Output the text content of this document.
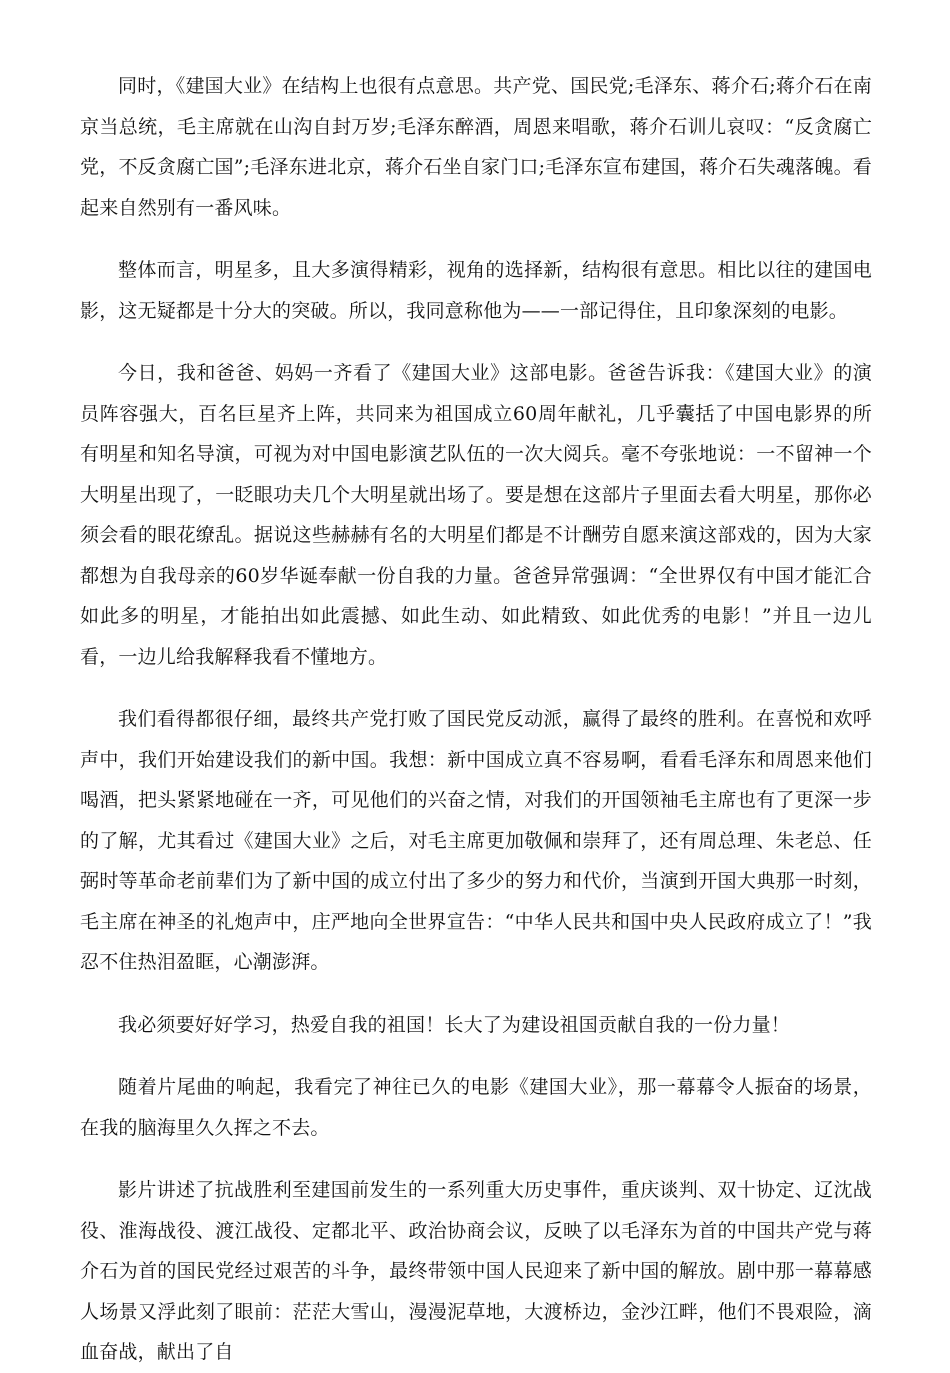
同时，《建国大业》在结构上也很有点意思。共产党、国民党;毛泽东、蒋介石;蒋介石在南京当总统，毛主席就在山沟自封万岁;毛泽东醉酒，周恩来唱歌，蒋介石训儿哀叹：“反贪腐亡党，不反贪腐亡国”;毛泽东进北京，蒋介石坐自家门口;毛泽东宣布建国，蒋介石失魂落魄。看起来自然别有一番风味。

整体而言，明星多，且大多演得精彩，视角的选择新，结构很有意思。相比以往的建国电影，这无疑都是十分大的突破。所以，我同意称他为——一部记得住，且印象深刻的电影。

今日，我和爸爸、妈妈一齐看了《建国大业》这部电影。爸爸告诉我：《建国大业》的演员阵容强大，百名巨星齐上阵，共同来为祖国成立60周年献礼，几乎囊括了中国电影界的所有明星和知名导演，可视为对中国电影演艺队伍的一次大阅兵。毫不夸张地说：一不留神一个大明星出现了，一眨眼功夫几个大明星就出场了。要是想在这部片子里面去看大明星，那你必须会看的眼花缭乱。据说这些赫赫有名的大明星们都是不计酬劳自愿来演这部戏的，因为大家都想为自我母亲的60岁华诞奉献一份自我的力量。爸爸异常强调：“全世界仅有中国才能汇合如此多的明星，才能拍出如此震撼、如此生动、如此精致、如此优秀的电影！”并且一边儿看，一边儿给我解释我看不懂地方。

我们看得都很仔细，最终共产党打败了国民党反动派，赢得了最终的胜利。在喜悦和欢呼声中，我们开始建设我们的新中国。我想：新中国成立真不容易啊，看看毛泽东和周恩来他们喝酒，把头紧紧地碰在一齐，可见他们的兴奋之情，对我们的开国领袖毛主席也有了更深一步的了解，尤其看过《建国大业》之后，对毛主席更加敬佩和崇拜了，还有周总理、朱老总、任弼时等革命老前辈们为了新中国的成立付出了多少的努力和代价，当演到开国大典那一时刻，毛主席在神圣的礼炮声中，庄严地向全世界宣告：“中华人民共和国中央人民政府成立了！”我忍不住热泪盈眶，心潮澎湃。

我必须要好好学习，热爱自我的祖国！长大了为建设祖国贡献自我的一份力量！

随着片尾曲的响起，我看完了神往已久的电影《建国大业》，那一幕幕令人振奋的场景，在我的脑海里久久挥之不去。

影片讲述了抗战胜利至建国前发生的一系列重大历史事件，重庆谈判、双十协定、辽沈战役、淮海战役、渡江战役、定都北平、政治协商会议，反映了以毛泽东为首的中国共产党与蒋介石为首的国民党经过艰苦的斗争，最终带领中国人民迎来了新中国的解放。剧中那一幕幕感人场景又浮此刻了眼前：茫茫大雪山，漫漫泥草地，大渡桥边，金沙江畔，他们不畏艰险，滴血奋战，献出了自
